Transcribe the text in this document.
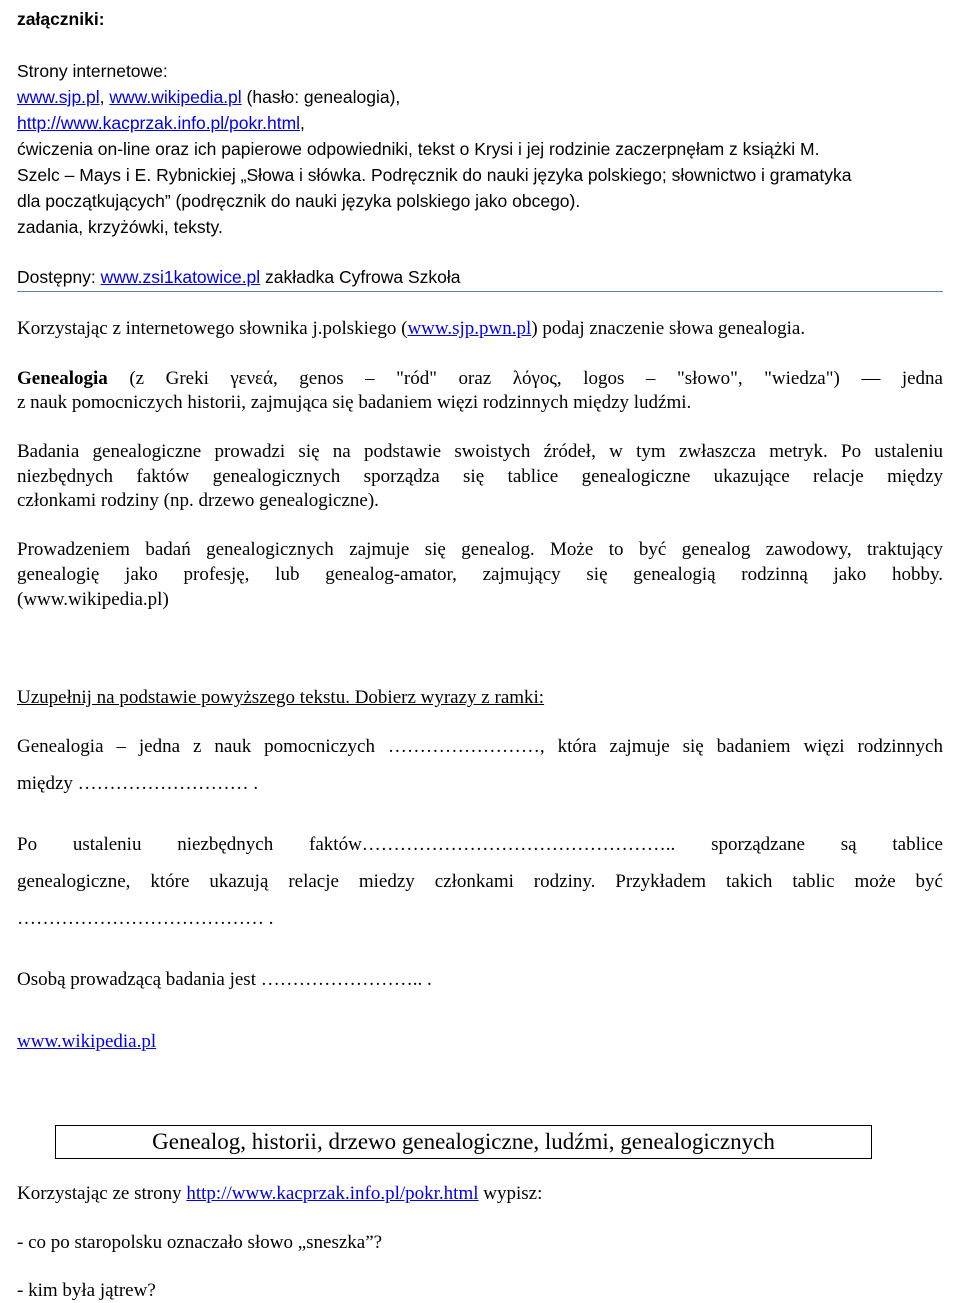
załączniki:
Strony internetowe:
www.sjp.pl, www.wikipedia.pl (hasło: genealogia),
http://www.kacprzak.info.pl/pokr.html,
ćwiczenia on-line oraz ich papierowe odpowiedniki, tekst o Krysi i jej rodzinie zaczerpnęłam z książki M.
Szelc – Mays i E. Rybnickiej „Słowa i słówka. Podręcznik do nauki języka polskiego; słownictwo i gramatyka
dla początkujących” (podręcznik do nauki języka polskiego jako obcego).
zadania, krzyżówki, teksty.
Dostępny: www.zsi1katowice.pl zakładka Cyfrowa Szkoła
Korzystając z internetowego słownika j.polskiego (www.sjp.pwn.pl) podaj znaczenie słowa genealogia.
Genealogia (z Greki γενεά, genos – "ród" oraz λόγος, logos – "słowo", "wiedza") — jedna
z nauk pomocniczych historii, zajmująca się badaniem więzi rodzinnych między ludźmi.
Badania genealogiczne prowadzi się na podstawie swoistych źródeł, w tym zwłaszcza metryk. Po ustaleniu
niezbędnych faktów genealogicznych sporządza się tablice genealogiczne ukazujące relacje między
członkami rodziny (np. drzewo genealogiczne).
Prowadzeniem badań genealogicznych zajmuje się genealog. Może to być genealog zawodowy, traktujący
genealogię jako profesję, lub genealog-amator, zajmujący się genealogią rodzinną jako hobby.
(www.wikipedia.pl)
Uzupełnij na podstawie powyższego tekstu. Dobierz wyrazy z ramki:
Genealogia – jedna z nauk pomocniczych ……………………, która zajmuje się badaniem więzi rodzinnych
między ……………………… .
Po ustaleniu niezbędnych faktów………………………………………….. sporządzane są tablice
genealogiczne, które ukazują relacje miedzy członkami rodziny. Przykładem takich tablic może być
………………………………… .
Osobą prowadzącą badania jest …………………….. .
www.wikipedia.pl
Genealog, historii, drzewo genealogiczne, ludźmi, genealogicznych
Korzystając ze strony http://www.kacprzak.info.pl/pokr.html wypisz:
- co po staropolsku oznaczało słowo „sneszka”?
- kim była jątrew?
